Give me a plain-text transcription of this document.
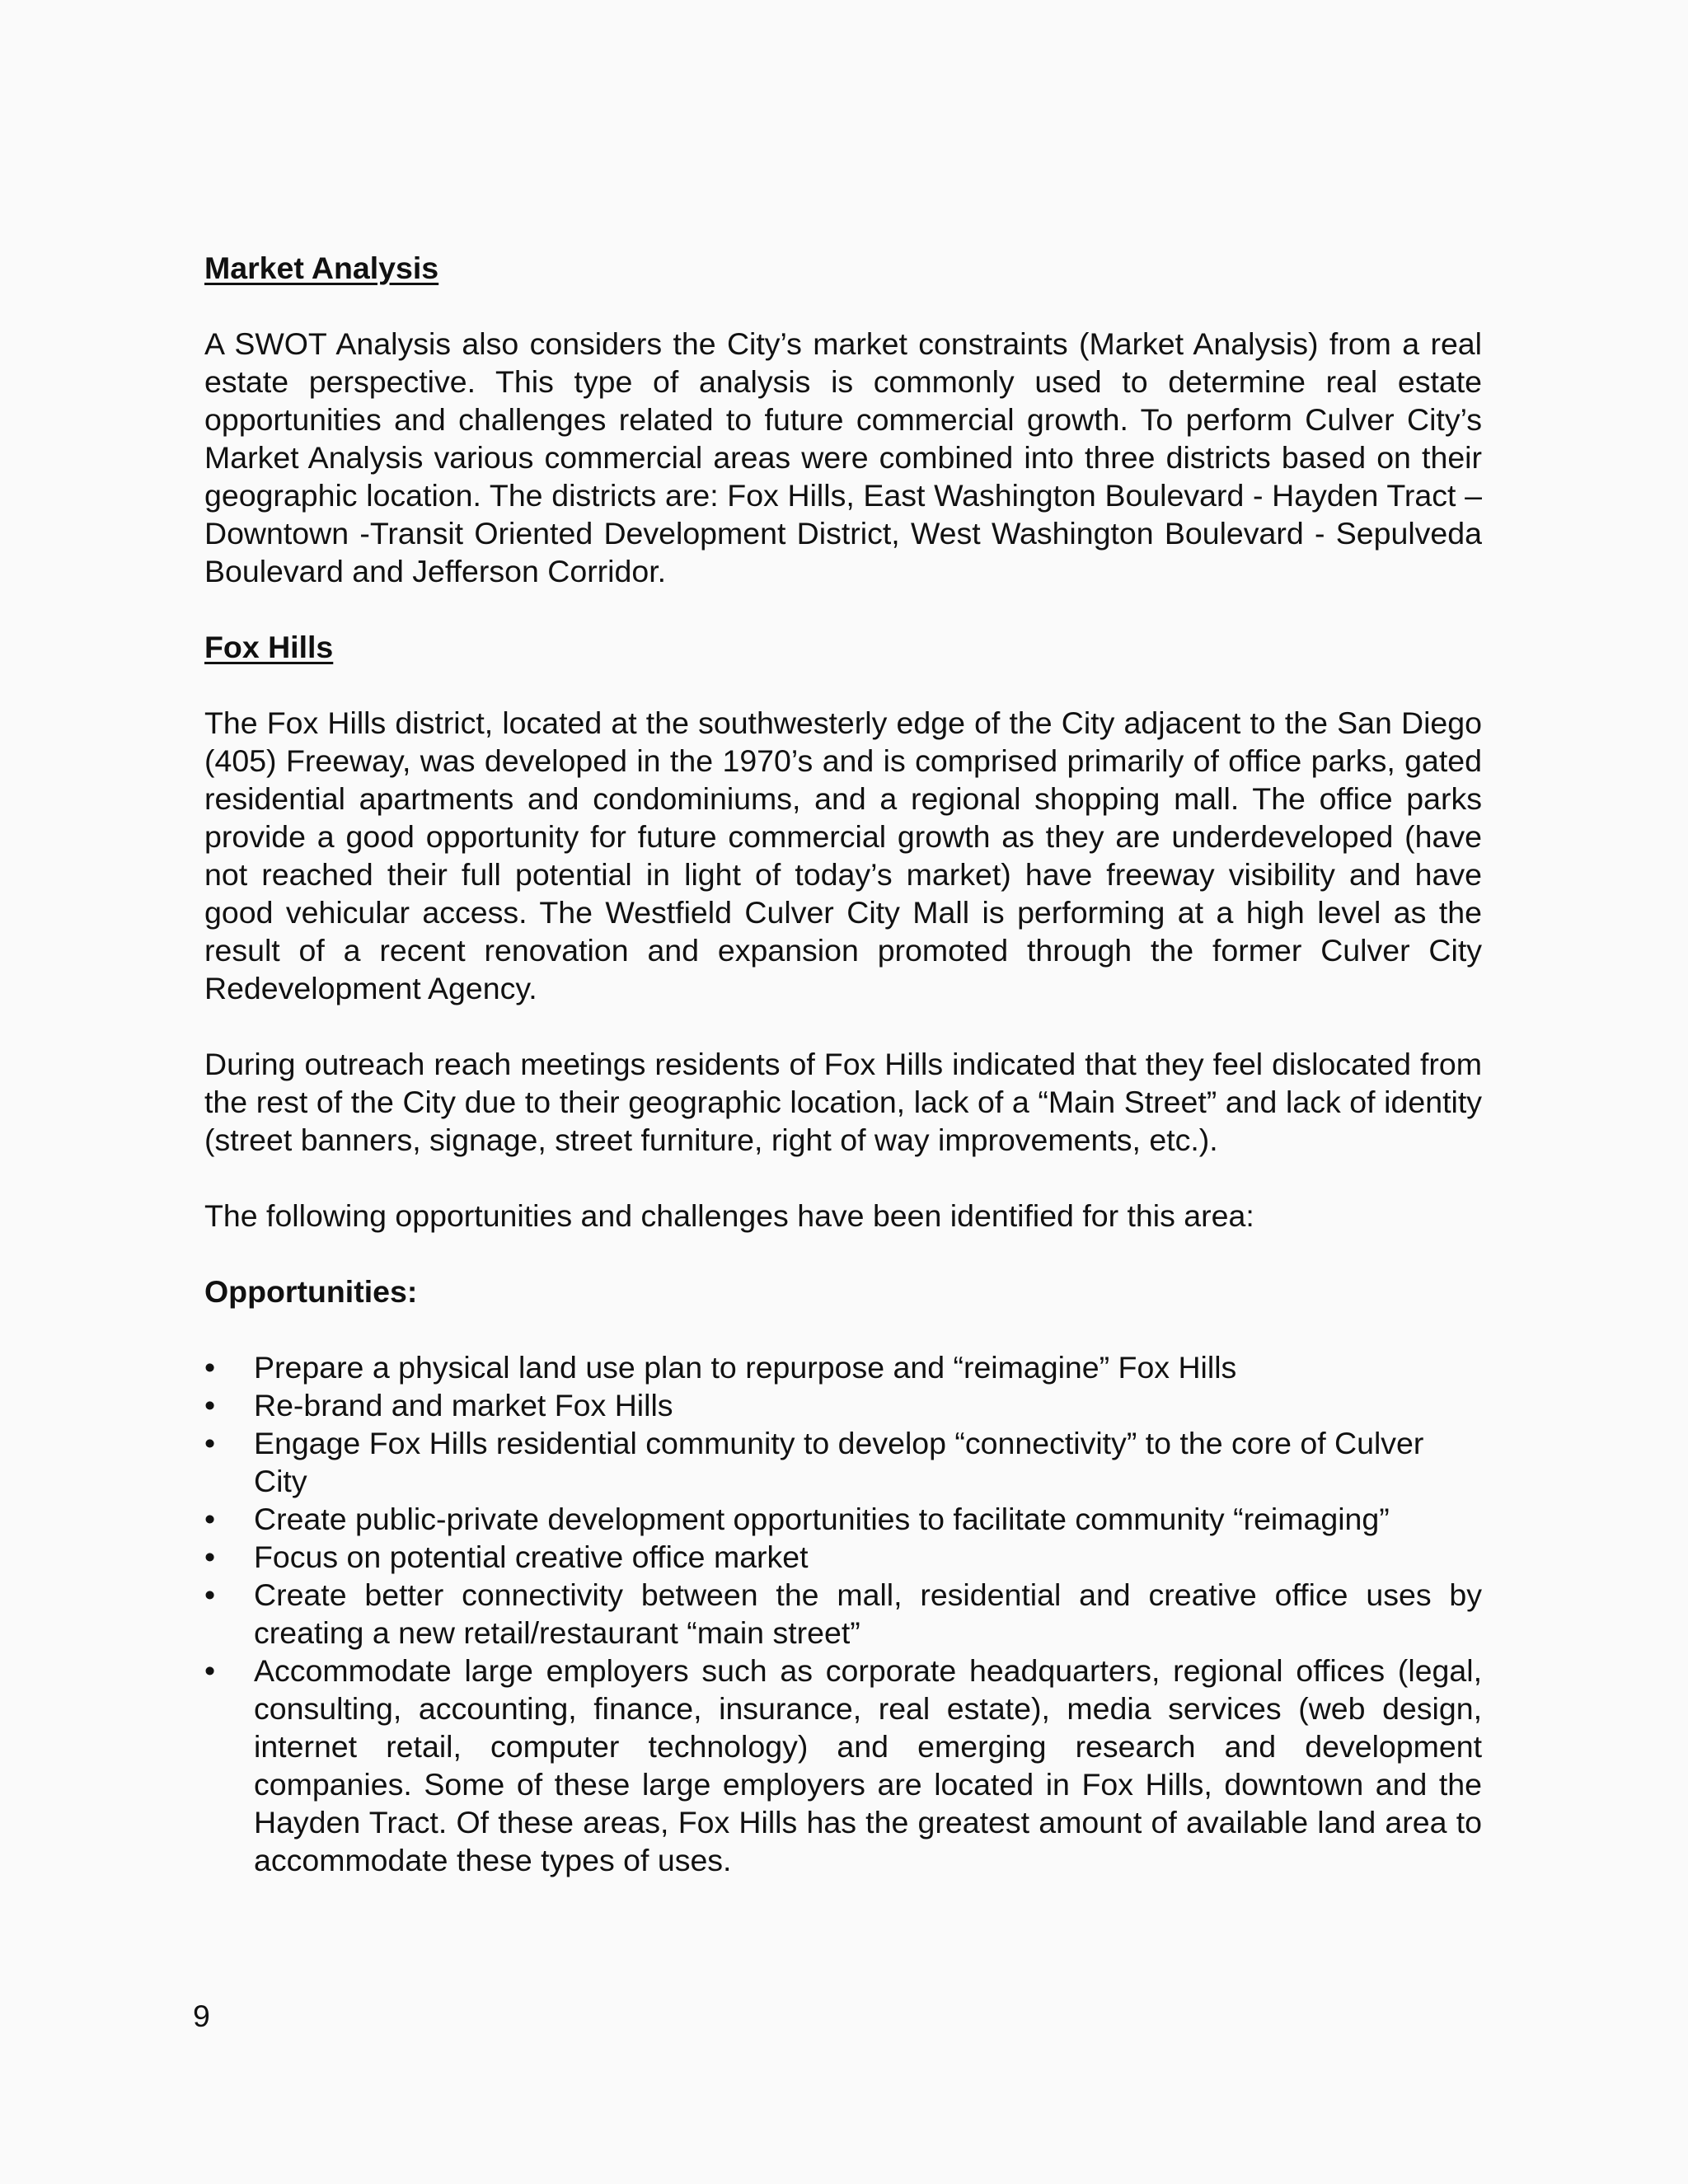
Market Analysis

A SWOT Analysis also considers the City’s market constraints (Market Analysis) from a real estate perspective. This type of analysis is commonly used to determine real estate opportunities and challenges related to future commercial growth. To perform Culver City’s Market Analysis various commercial areas were combined into three districts based on their geographic location. The districts are: Fox Hills, East Washington Boulevard - Hayden Tract – Downtown -Transit Oriented Development District, West Washington Boulevard - Sepulveda Boulevard and Jefferson Corridor.

Fox Hills

The Fox Hills district, located at the southwesterly edge of the City adjacent to the San Diego (405) Freeway, was developed in the 1970’s and is comprised primarily of office parks, gated residential apartments and condominiums, and a regional shopping mall. The office parks provide a good opportunity for future commercial growth as they are underdeveloped (have not reached their full potential in light of today’s market) have freeway visibility and have good vehicular access. The Westfield Culver City Mall is performing at a high level as the result of a recent renovation and expansion promoted through the former Culver City Redevelopment Agency.

During outreach reach meetings residents of Fox Hills indicated that they feel dislocated from the rest of the City due to their geographic location, lack of a “Main Street” and lack of identity (street banners, signage, street furniture, right of way improvements, etc.).

The following opportunities and challenges have been identified for this area:

Opportunities:
• Prepare a physical land use plan to repurpose and “reimagine” Fox Hills
• Re-brand and market Fox Hills
• Engage Fox Hills residential community to develop “connectivity” to the core of Culver City
• Create public-private development opportunities to facilitate community “reimaging”
• Focus on potential creative office market
• Create better connectivity between the mall, residential and creative office uses by creating a new retail/restaurant “main street”
• Accommodate large employers such as corporate headquarters, regional offices (legal, consulting, accounting, finance, insurance, real estate), media services (web design, internet retail, computer technology) and emerging research and development companies. Some of these large employers are located in Fox Hills, downtown and the Hayden Tract. Of these areas, Fox Hills has the greatest amount of available land area to accommodate these types of uses.
9
